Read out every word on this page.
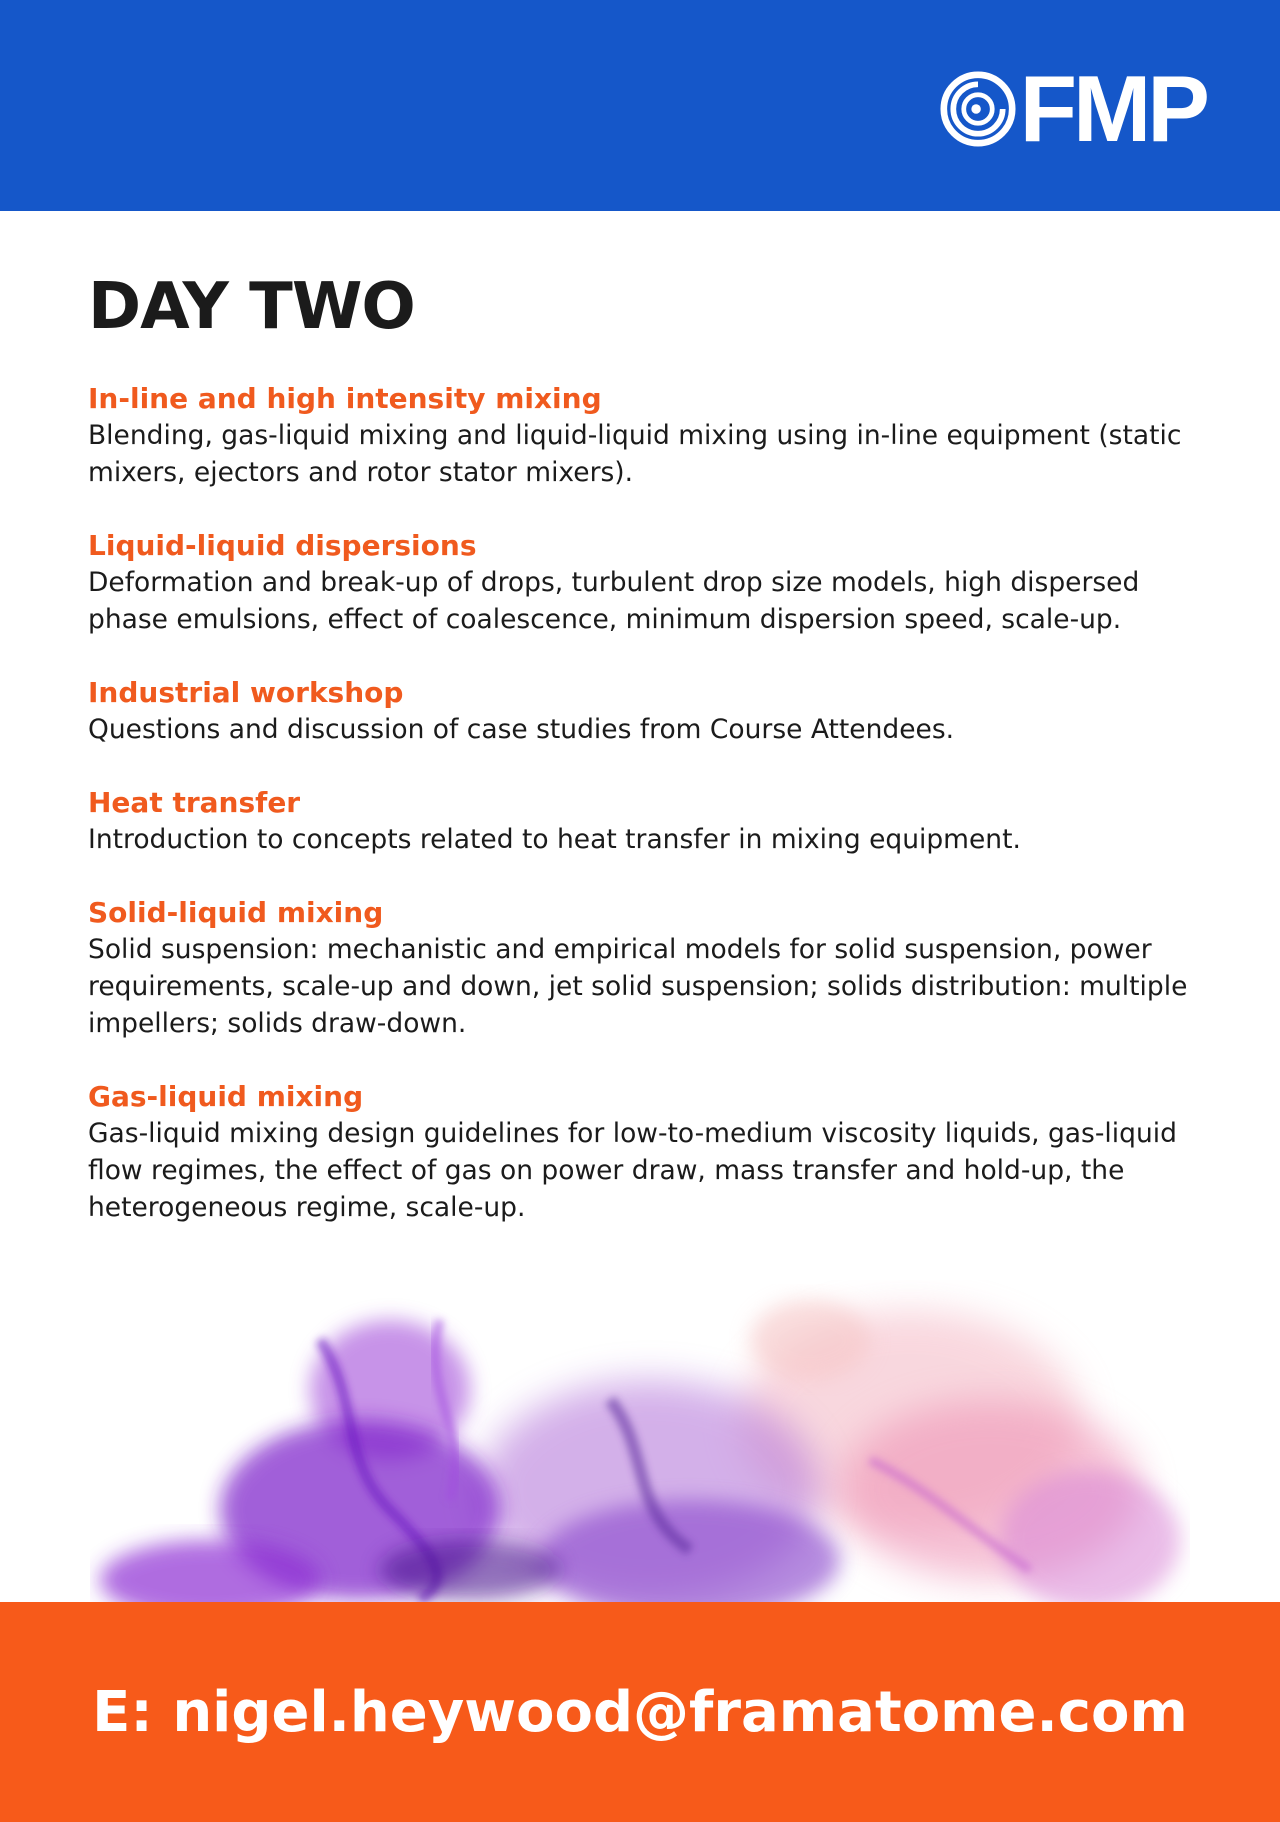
FMP
DAY TWO

In-line and high intensity mixing

Blending, gas-liquid mixing and liquid-liquid mixing using in-line equipment (static mixers, ejectors and rotor stator mixers).

Liquid-liquid dispersions

Deformation and break-up of drops, turbulent drop size models, high dispersed phase emulsions, effect of coalescence, minimum dispersion speed, scale-up.

Industrial workshop

Questions and discussion of case studies from Course Attendees.

Heat transfer

Introduction to concepts related to heat transfer in mixing equipment.

Solid-liquid mixing

Solid suspension: mechanistic and empirical models for solid suspension, power requirements, scale-up and down, jet solid suspension; solids distribution: multiple impellers; solids draw-down.

Gas-liquid mixing

Gas-liquid mixing design guidelines for low-to-medium viscosity liquids, gas-liquid flow regimes, the effect of gas on power draw, mass transfer and hold-up, the heterogeneous regime, scale-up.

E: nigel.heywood@framatome.com
